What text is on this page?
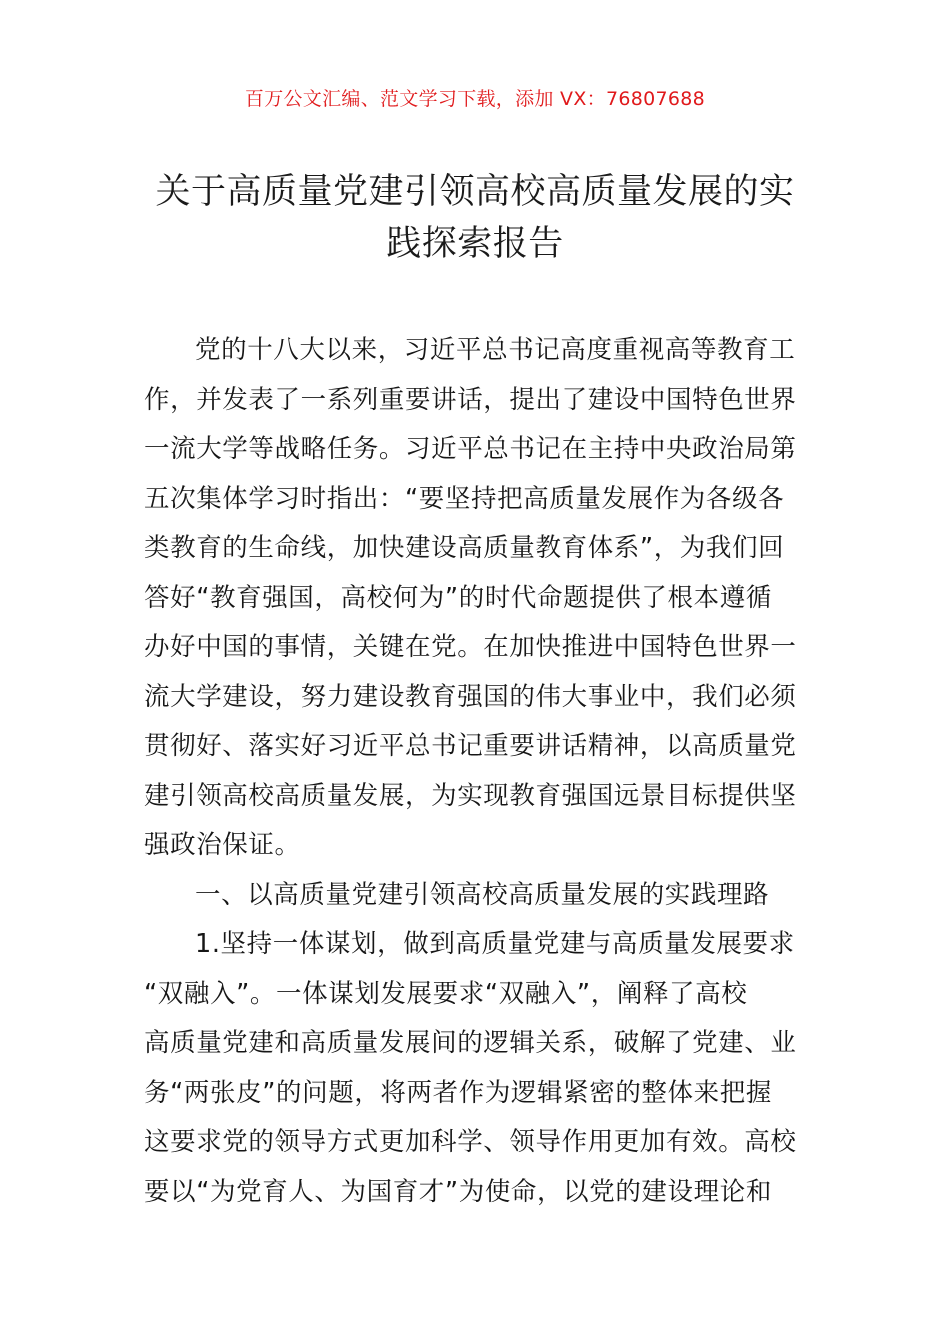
百万公文汇编、范文学习下载，添加 VX：76807688
关于高质量党建引领高校高质量发展的实
践探索报告
党的十八大以来，习近平总书记高度重视高等教育工
作，并发表了一系列重要讲话，提出了建设中国特色世界
一流大学等战略任务。习近平总书记在主持中央政治局第
五次集体学习时指出：“要坚持把高质量发展作为各级各
类教育的生命线，加快建设高质量教育体系”，为我们回
答好“教育强国，高校何为”的时代命题提供了根本遵循
办好中国的事情，关键在党。在加快推进中国特色世界一
流大学建设，努力建设教育强国的伟大事业中，我们必须
贯彻好、落实好习近平总书记重要讲话精神，以高质量党
建引领高校高质量发展，为实现教育强国远景目标提供坚
强政治保证。
一、以高质量党建引领高校高质量发展的实践理路
1.坚持一体谋划，做到高质量党建与高质量发展要求
“双融入”。一体谋划发展要求“双融入”，阐释了高校
高质量党建和高质量发展间的逻辑关系，破解了党建、业
务“两张皮”的问题，将两者作为逻辑紧密的整体来把握
这要求党的领导方式更加科学、领导作用更加有效。高校
要以“为党育人、为国育才”为使命，以党的建设理论和
